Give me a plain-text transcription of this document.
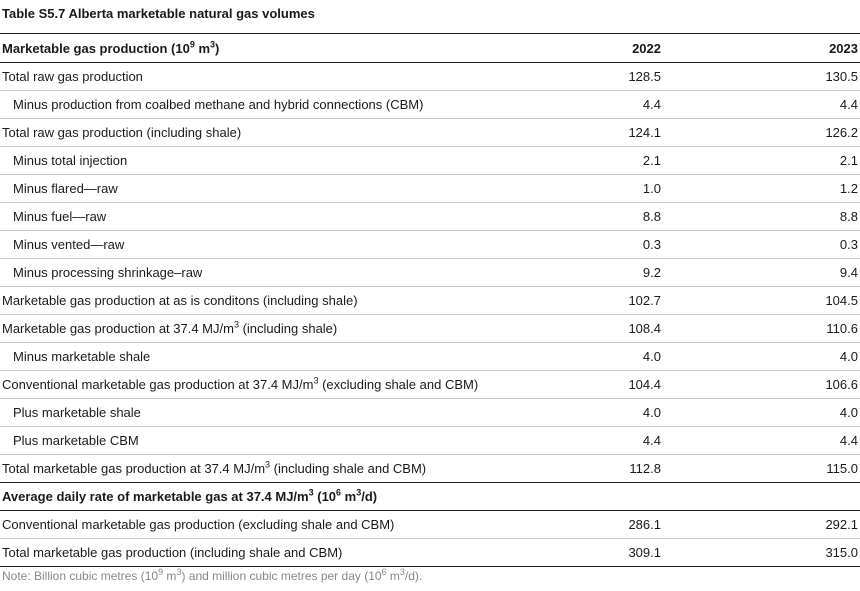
Table S5.7 Alberta marketable natural gas volumes
Marketable gas production ($10^9$ $m^3$)	2022	2023
Total raw gas production	128.5	130.5
Minus production from coalbed methane and hybrid connections (CBM)	4.4	4.4
Total raw gas production (including shale)	124.1	126.2
Minus total injection	2.1	2.1
Minus flared—raw	1.0	1.2
Minus fuel—raw	8.8	8.8
Minus vented—raw	0.3	0.3
Minus processing shrinkage–raw	9.2	9.4
Marketable gas production at as is conditons (including shale)	102.7	104.5
Marketable gas production at 37.4 $MJ/m^3$ (including shale)	108.4	110.6
Minus marketable shale	4.0	4.0
Conventional marketable gas production at 37.4 $MJ/m^3$ (excluding shale and CBM)	104.4	106.6
Plus marketable shale	4.0	4.0
Plus marketable CBM	4.4	4.4
Total marketable gas production at 37.4 $MJ/m^3$ (including shale and CBM)	112.8	115.0
Average daily rate of marketable gas at 37.4 $MJ/m^3$ ($10^6$ $m^3/d$)		
Conventional marketable gas production (excluding shale and CBM)	286.1	292.1
Total marketable gas production (including shale and CBM)	309.1	315.0
Note: Billion cubic metres ($10^9$ $m^3$) and million cubic metres per day ($10^6$ $m^3/d$).
